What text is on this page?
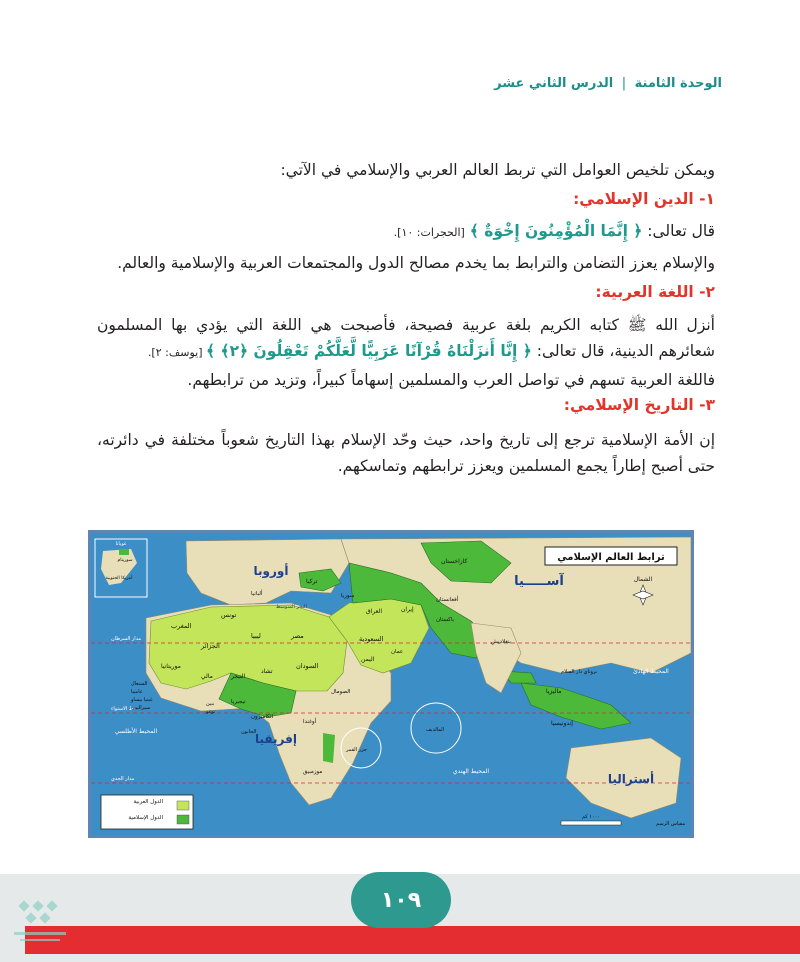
الوحدة الثامنة | الدرس الثاني عشر

ويمكن تلخيص العوامل التي تربط العالم العربي والإسلامي في الآتي:

١- الدين الإسلامي:

قال تعالى: ﴿ إِنَّمَا الْمُؤْمِنُونَ إِخْوَةٌ ﴾ [الحجرات: ١٠].

والإسلام يعزز التضامن والترابط بما يخدم مصالح الدول والمجتمعات العربية والإسلامية والعالم.

٢- اللغة العربية:

أنزل الله ﷺ كتابه الكريم بلغة عربية فصيحة، فأصبحت هي اللغة التي يؤدي بها المسلمون شعائرهم الدينية، قال تعالى: ﴿ إِنَّا أَنزَلْنَاهُ قُرْآنًا عَرَبِيًّا لَّعَلَّكُمْ تَعْقِلُونَ ﴿٢﴾ ﴾ [يوسف: ٢].

فاللغة العربية تسهم في تواصل العرب والمسلمين إسهاماً كبيراً، وتزيد من ترابطهم.

٣- التاريخ الإسلامي:

إن الأمة الإسلامية ترجع إلى تاريخ واحد، حيث وحّد الإسلام بهذا التاريخ شعوباً مختلفة في دائرته، حتى أصبح إطاراً يجمع المسلمين ويعزز ترابطهم وتماسكهم.

ترابط العالم الإسلامي
الشمال
أوروبا
آســـــيا
إفريقيا
أستراليا
المحيط الأطلسي
المحيط الهندي
المحيط الهادئ
مدار السرطان
خط الاستواء
مدار الجدي
غويانا
سورينام
أمريكا الجنوبية
الدول العربية
الدول الإسلامية
مقياس الرسم
١٠٠٠ كم
المغرب
الجزائر
تونس
ليبيا	مصر
السودان
تشاد
النيجر
مالي
موريتانيا
نيجيريا
الكاميرون
الجابون
السعودية
اليمن
عمان
العراق	إيران
تركيا
سوريا
ألبانيا
كازاخستان
أفغانستان
باكستان
بنغلاديش
ماليزيا
إندونيسيا
بروناي دار السلام
أوغندا
موزمبيق
جزر القمر
المالديف
الصومال
السنغال
غامبيا
غينيا بيساو
سيراليون
توغو
بنين
البحر المتوسط
١٠٩
